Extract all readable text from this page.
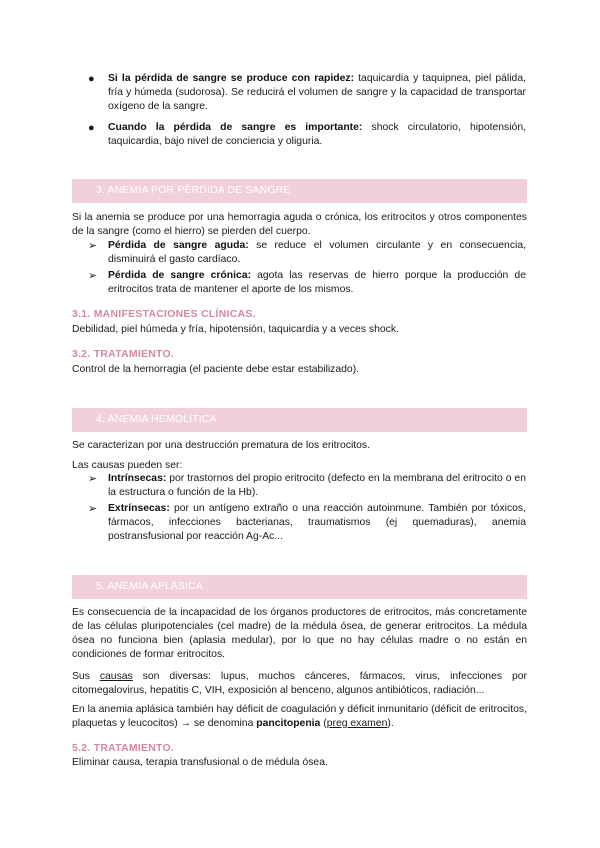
● Si la pérdida de sangre se produce con rapidez: taquicardia y taquipnea, piel pálida, fría y húmeda (sudorosa). Se reducirá el volumen de sangre y la capacidad de transportar oxígeno de la sangre.

● Cuando la pérdida de sangre es importante: shock circulatorio, hipotensión, taquicardia, bajo nivel de conciencia y oliguria.

3. ANEMIA POR PÉRDIDA DE SANGRE

Si la anemia se produce por una hemorragia aguda o crónica, los eritrocitos y otros componentes de la sangre (como el hierro) se pierden del cuerpo.

➢ Pérdida de sangre aguda: se reduce el volumen circulante y en consecuencia, disminuirá el gasto cardíaco.

➢ Pérdida de sangre crónica: agota las reservas de hierro porque la producción de eritrocitos trata de mantener el aporte de los mismos.

3.1. MANIFESTACIONES CLÍNICAS.

Debilidad, piel húmeda y fría, hipotensión, taquicardia y a veces shock.

3.2. TRATAMIENTO.

Control de la hemorragia (el paciente debe estar estabilizado).

4. ANEMIA HEMOLÍTICA

Se caracterizan por una destrucción prematura de los eritrocitos.

Las causas pueden ser:

➢ Intrínsecas: por trastornos del propio eritrocito (defecto en la membrana del eritrocito o en la estructura o función de la Hb).

➢ Extrínsecas: por un antígeno extraño o una reacción autoinmune. También por tóxicos, fármacos, infecciones bacterianas, traumatismos (ej quemaduras), anemia postransfusional por reacción Ag-Ac...

5. ANEMIA APLÁSICA

Es consecuencia de la incapacidad de los órganos productores de eritrocitos, más concretamente de las células pluripotenciales (cel madre) de la médula ósea, de generar eritrocitos. La médula ósea no funciona bien (aplasia medular), por lo que no hay células madre o no están en condiciones de formar eritrocitos.

Sus causas son diversas: lupus, muchos cánceres, fármacos, virus, infecciones por citomegalovirus, hepatitis C, VIH, exposición al benceno, algunos antibióticos, radiación...

En la anemia aplásica también hay déficit de coagulación y déficit inmunitario (déficit de eritrocitos, plaquetas y leucocitos) → se denomina pancitopenia (preg examen).

5.2. TRATAMIENTO.

Eliminar causa, terapia transfusional o de médula ósea.
